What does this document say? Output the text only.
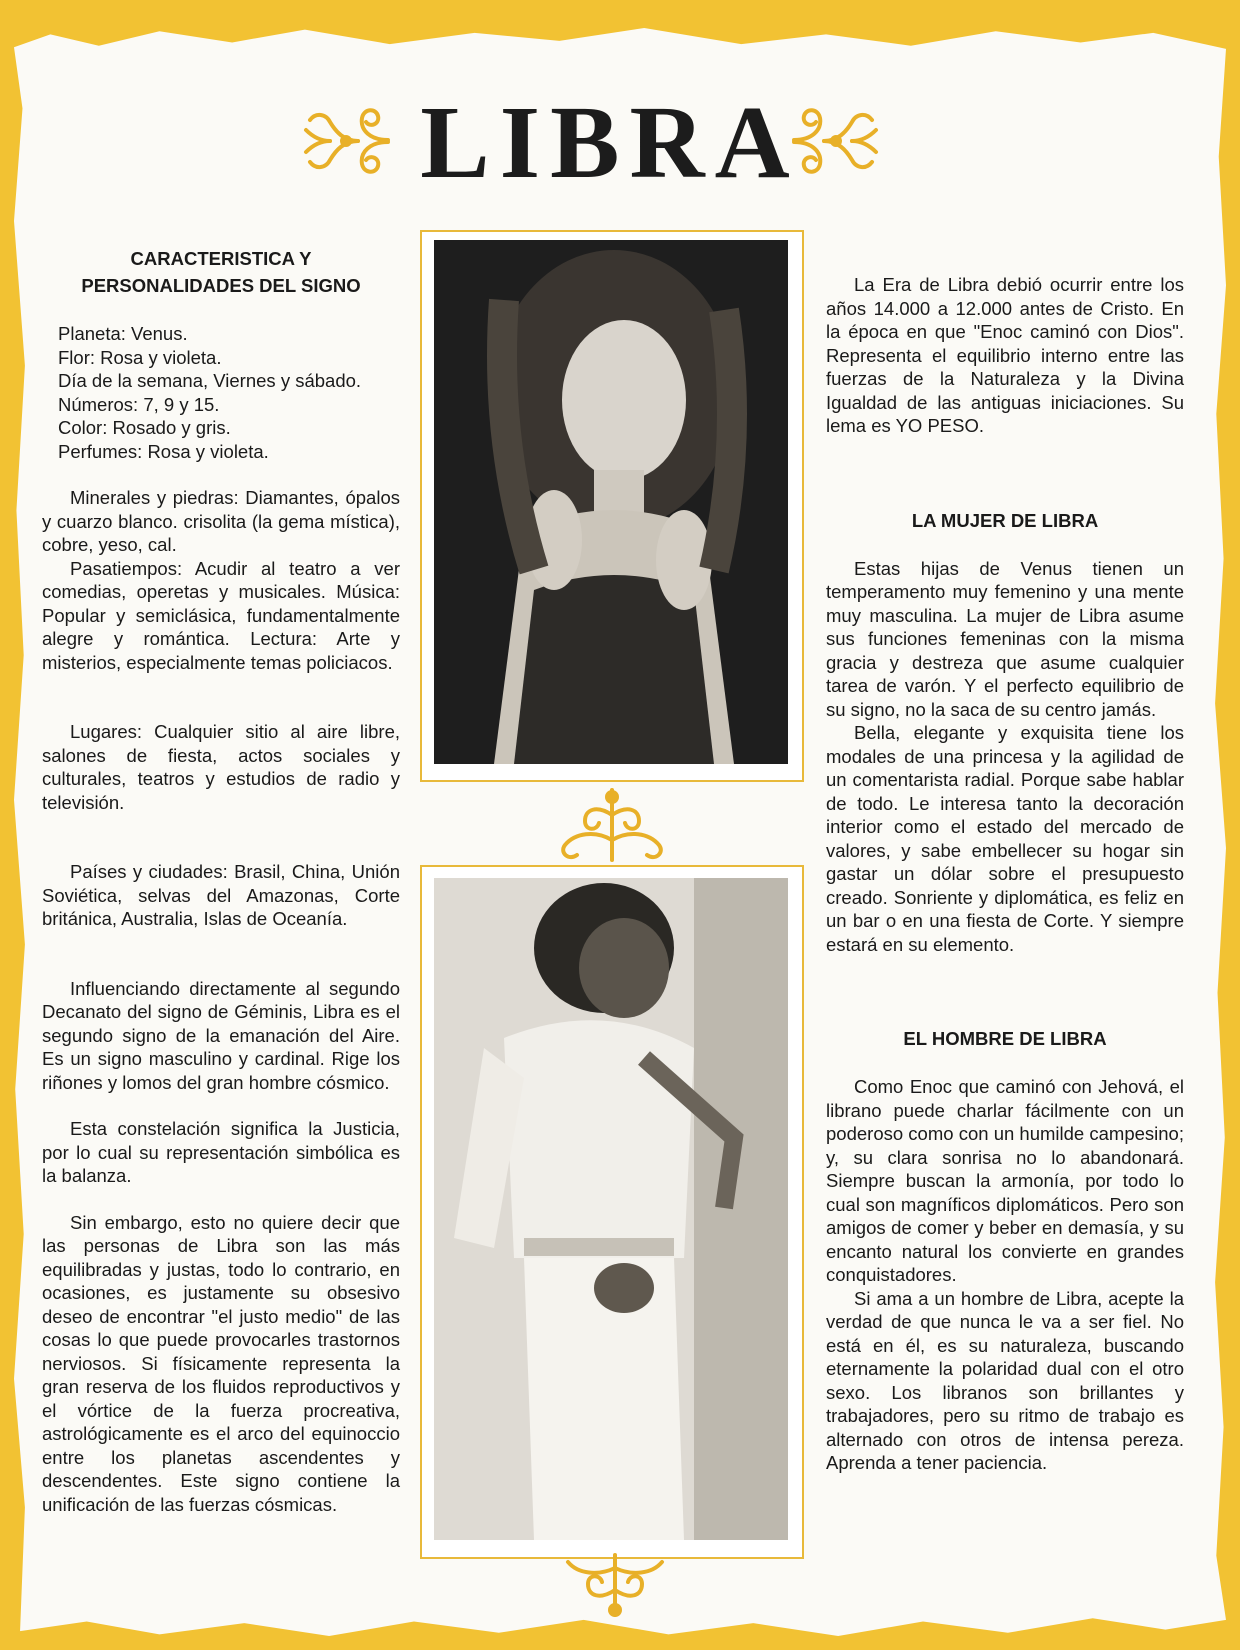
LIBRA
CARACTERISTICA Y
PERSONALIDADES DEL SIGNO
Planeta: Venus.
Flor: Rosa y violeta.
Día de la semana, Viernes y sábado.
Números: 7, 9 y 15.
Color: Rosado y gris.
Perfumes: Rosa y violeta.

Minerales y piedras: Diamantes, ópalos y cuarzo blanco. crisolita (la gema mística), cobre, yeso, cal.

Pasatiempos: Acudir al teatro a ver comedias, operetas y musicales. Música: Popular y semiclásica, fundamentalmente alegre y romántica. Lectura: Arte y misterios, especialmente temas policiacos.

Lugares: Cualquier sitio al aire libre, salones de fiesta, actos sociales y culturales, teatros y estudios de radio y televisión.

Países y ciudades: Brasil, China, Unión Soviética, selvas del Amazonas, Corte británica, Australia, Islas de Oceanía.

Influenciando directamente al segundo Decanato del signo de Géminis, Libra es el segundo signo de la emanación del Aire. Es un signo masculino y cardinal. Rige los riñones y lomos del gran hombre cósmico.

Esta constelación significa la Justicia, por lo cual su representación simbólica es la balanza.

Sin embargo, esto no quiere decir que las personas de Libra son las más equilibradas y justas, todo lo contrario, en ocasiones, es justamente su obsesivo deseo de encontrar "el justo medio" de las cosas lo que puede provocarles trastornos nerviosos. Si físicamente representa la gran reserva de los fluidos reproductivos y el vórtice de la fuerza procreativa, astrológicamente es el arco del equinoccio entre los planetas ascendentes y descendentes. Este signo contiene la unificación de las fuerzas cósmicas.

La Era de Libra debió ocurrir entre los años 14.000 a 12.000 antes de Cristo. En la época en que "Enoc caminó con Dios". Representa el equilibrio interno entre las fuerzas de la Naturaleza y la Divina Igualdad de las antiguas iniciaciones. Su lema es YO PESO.

LA MUJER DE LIBRA

Estas hijas de Venus tienen un temperamento muy femenino y una mente muy masculina. La mujer de Libra asume sus funciones femeninas con la misma gracia y destreza que asume cualquier tarea de varón. Y el perfecto equilibrio de su signo, no la saca de su centro jamás.

Bella, elegante y exquisita tiene los modales de una princesa y la agilidad de un comentarista radial. Porque sabe hablar de todo. Le interesa tanto la decoración interior como el estado del mercado de valores, y sabe embellecer su hogar sin gastar un dólar sobre el presupuesto creado. Sonriente y diplomática, es feliz en un bar o en una fiesta de Corte. Y siempre estará en su elemento.

EL HOMBRE DE LIBRA

Como Enoc que caminó con Jehová, el librano puede charlar fácilmente con un poderoso como con un humilde campesino; y, su clara sonrisa no lo abandonará. Siempre buscan la armonía, por todo lo cual son magníficos diplomáticos. Pero son amigos de comer y beber en demasía, y su encanto natural los convierte en grandes conquistadores.

Si ama a un hombre de Libra, acepte la verdad de que nunca le va a ser fiel. No está en él, es su naturaleza, buscando eternamente la polaridad dual con el otro sexo. Los libranos son brillantes y trabajadores, pero su ritmo de trabajo es alternado con otros de intensa pereza. Aprenda a tener paciencia.
